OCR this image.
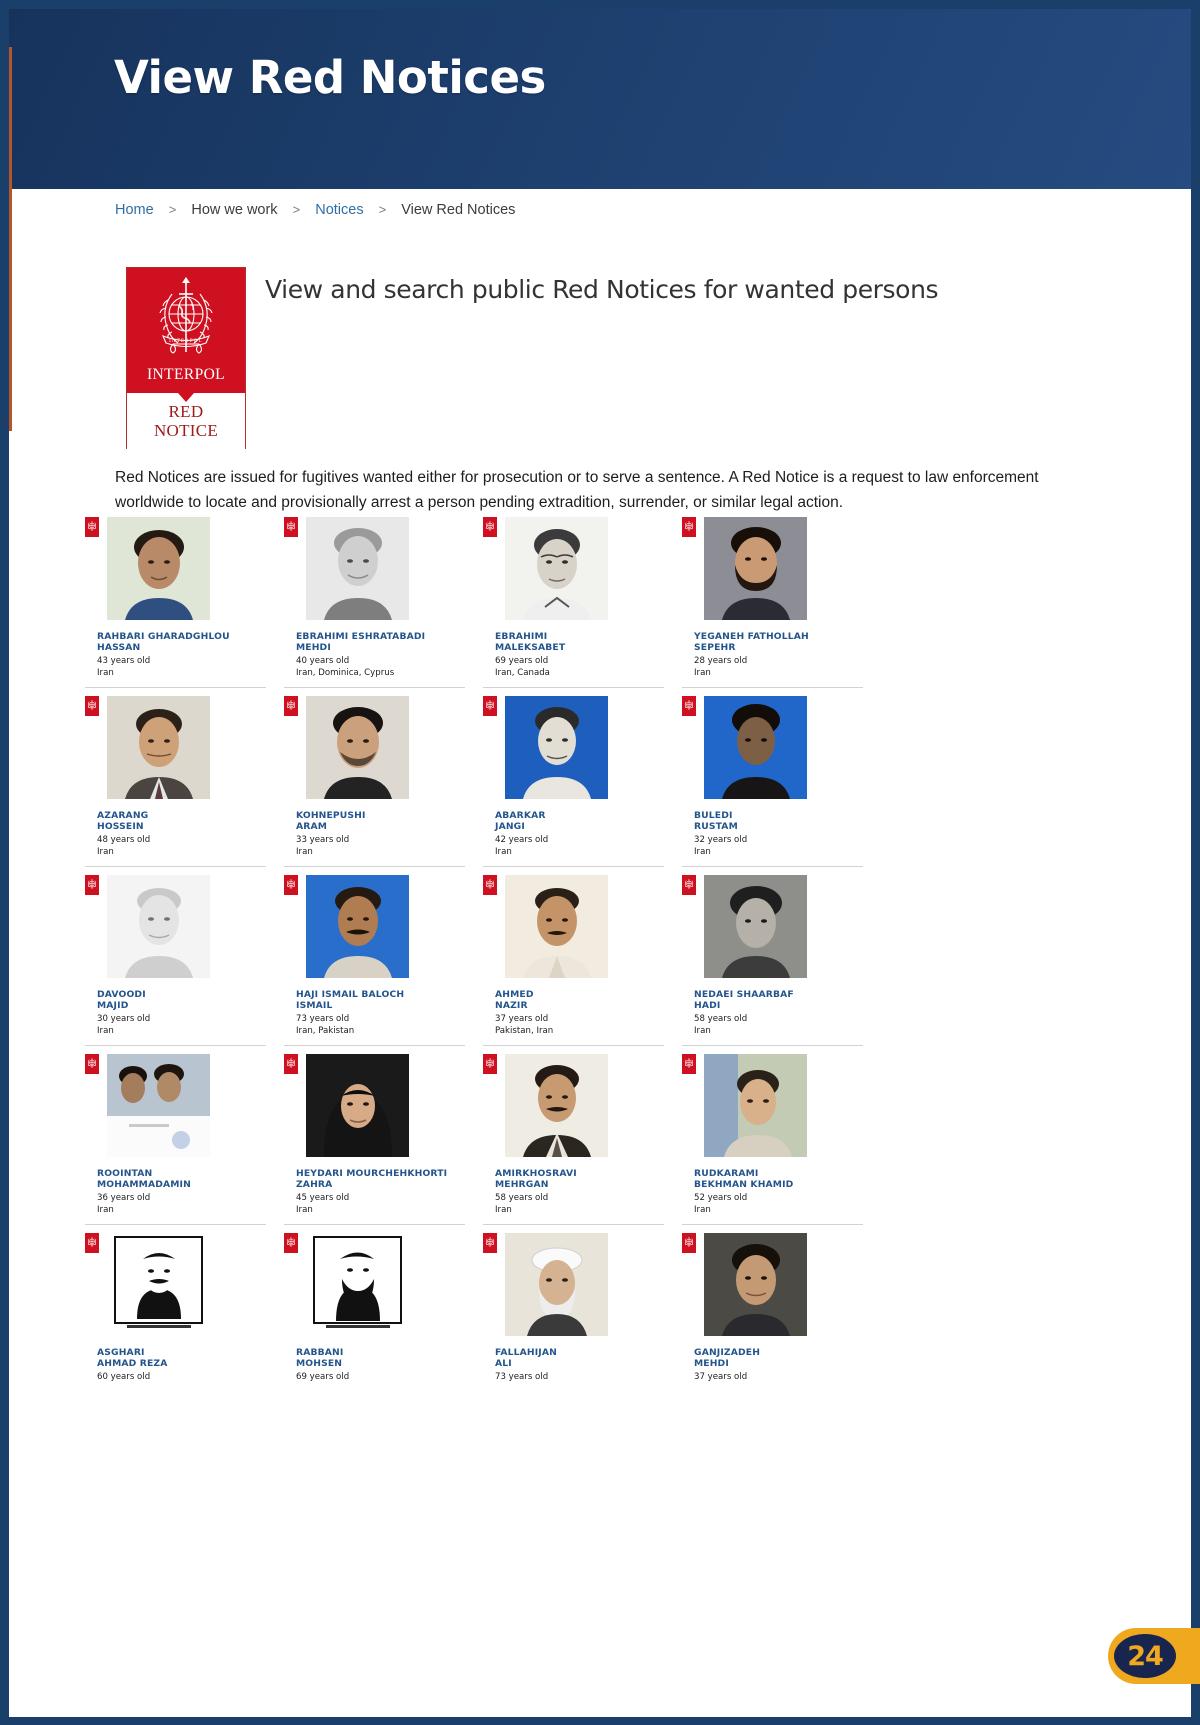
View Red Notices
Home > How we work > Notices > View Red Notices
INTERPOL
INTERPOL
RED
NOTICE
View and search public Red Notices for wanted persons
Red Notices are issued for fugitives wanted either for prosecution or to serve a sentence. A Red Notice is a request to law enforcement worldwide to locate and provisionally arrest a person pending extradition, surrender, or similar legal action.
RED
NOTICE
RAHBARI GHARADGHLOU
HASSAN
43 years old
Iran
RED
NOTICE
EBRAHIMI ESHRATABADI
MEHDI
40 years old
Iran, Dominica, Cyprus
RED
NOTICE
EBRAHIMI
MALEKSABET
69 years old
Iran, Canada
RED
NOTICE
YEGANEH FATHOLLAH
SEPEHR
28 years old
Iran
RED
NOTICE
AZARANG
HOSSEIN
48 years old
Iran
RED
NOTICE
KOHNEPUSHI
ARAM
33 years old
Iran
RED
NOTICE
ABARKAR
JANGI
42 years old
Iran
RED
NOTICE
BULEDI
RUSTAM
32 years old
Iran
RED
NOTICE
DAVOODI
MAJID
30 years old
Iran
RED
NOTICE
HAJI ISMAIL BALOCH
ISMAIL
73 years old
Iran, Pakistan
RED
NOTICE
AHMED
NAZIR
37 years old
Pakistan, Iran
RED
NOTICE
NEDAEI SHAARBAF
HADI
58 years old
Iran
RED
NOTICE
ROOINTAN
MOHAMMADAMIN
36 years old
Iran
RED
NOTICE
HEYDARI MOURCHEHKHORTI
ZAHRA
45 years old
Iran
RED
NOTICE
AMIRKHOSRAVI
MEHRGAN
58 years old
Iran
RED
NOTICE
RUDKARAMI
BEKHMAN KHAMID
52 years old
Iran
RED
NOTICE
ASGHARI
AHMAD REZA
60 years old
RED
NOTICE
RABBANI
MOHSEN
69 years old
RED
NOTICE
FALLAHIJAN
ALI
73 years old
RED
NOTICE
GANJIZADEH
MEHDI
37 years old
24
